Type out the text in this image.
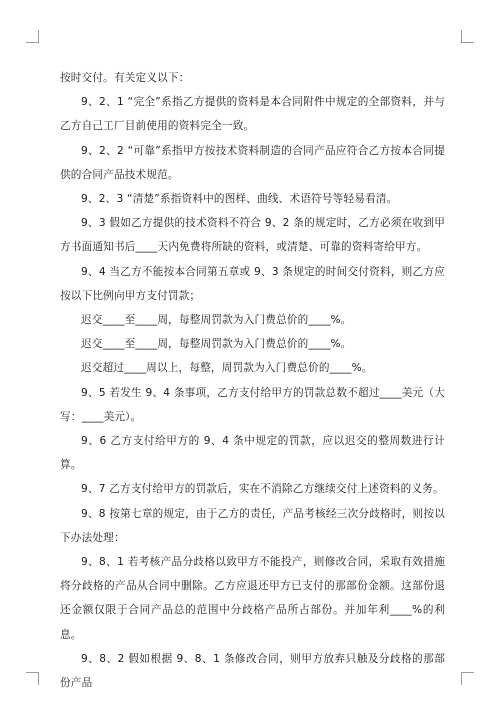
按时交付。有关定义以下：

9、2、1 “完全”系指乙方提供的资料是本合同附件中规定的全部资料，并与乙方自己工厂目前使用的资料完全一致。

9、2、2 “可靠”系指甲方按技术资料制造的合同产品应符合乙方按本合同提供的合同产品技术规范。

9、2、3 “清楚”系指资料中的图样、曲线、术语符号等轻易看清。

9、3 假如乙方提供的技术资料不符合 9、2 条的规定时，乙方必须在收到甲方书面通知书后____天内免费将所缺的资料，或清楚、可靠的资料寄给甲方。

9、4 当乙方不能按本合同第五章或 9、3 条规定的时间交付资料，则乙方应按以下比例向甲方支付罚款；

迟交____至____周，每整周罚款为入门费总价的____%。

迟交____至____周，每整周罚款为入门费总价的____%。

迟交超过____周以上，每整，周罚款为入门费总价的____%。

9、5 若发生 9、4 条事项，乙方支付给甲方的罚款总数不超过____美元（大写：____美元）。

9、6 乙方支付给甲方的 9、4 条中规定的罚款，应以迟交的整周数进行计算。

9、7 乙方支付给甲方的罚款后，实在不消除乙方继续交付上述资料的义务。

9、8 按第七章的规定，由于乙方的责任，产品考核经三次分歧格时，则按以下办法处理：

9、8、1 若考核产品分歧格以致甲方不能投产，则修改合同，采取有效措施将分歧格的产品从合同中删除。乙方应退还甲方已支付的那部份金额。这部份退还金额仅限于合同产品总的范围中分歧格产品所占部份。并加年利____%的利息。

9、8、2 假如根据 9、8、1 条修改合同，则甲方放弃只触及分歧格的那部份产品
